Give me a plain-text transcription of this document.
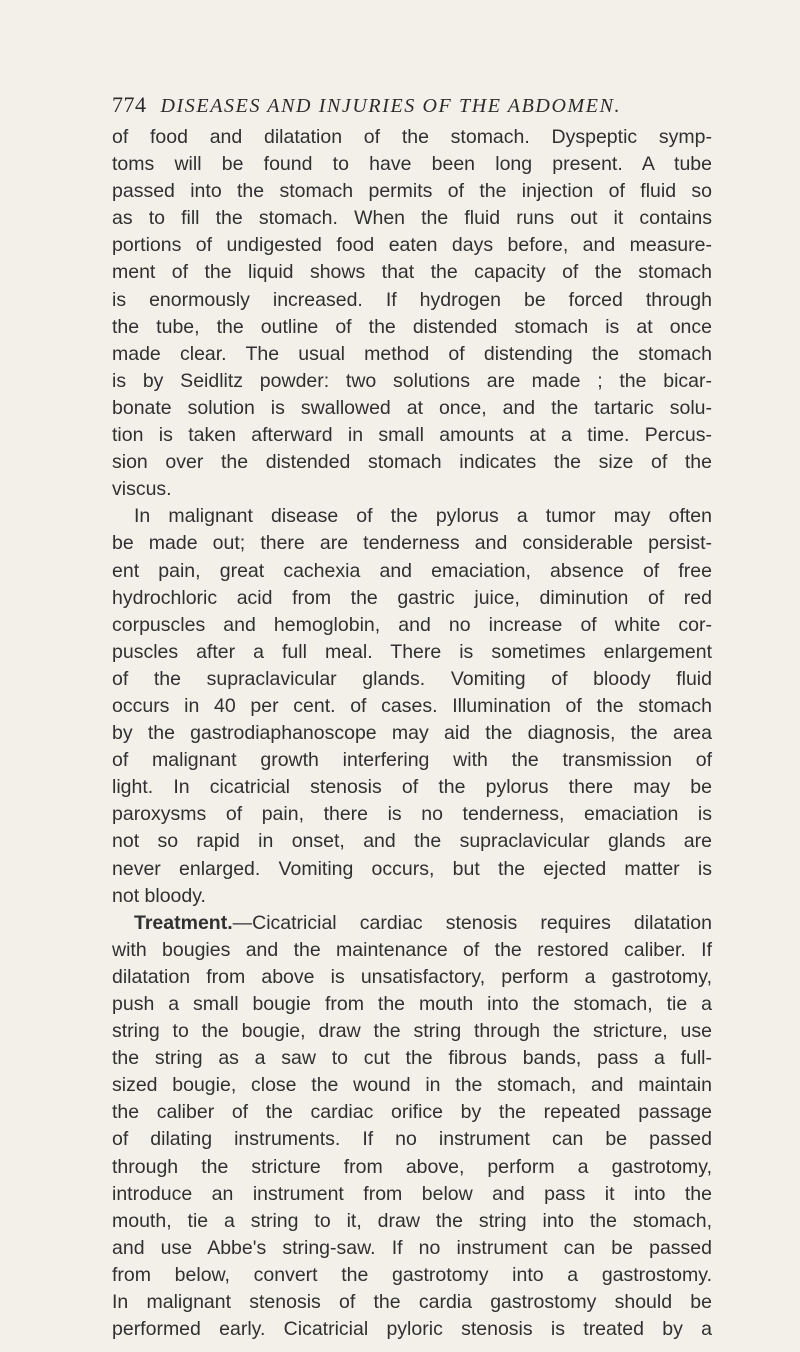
774 DISEASES AND INJURIES OF THE ABDOMEN.
of food and dilatation of the stomach. Dyspeptic symp-
toms will be found to have been long present. A tube
passed into the stomach permits of the injection of fluid so
as to fill the stomach. When the fluid runs out it contains
portions of undigested food eaten days before, and measure-
ment of the liquid shows that the capacity of the stomach
is enormously increased. If hydrogen be forced through
the tube, the outline of the distended stomach is at once
made clear. The usual method of distending the stomach
is by Seidlitz powder: two solutions are made ; the bicar-
bonate solution is swallowed at once, and the tartaric solu-
tion is taken afterward in small amounts at a time. Percus-
sion over the distended stomach indicates the size of the
viscus.
In malignant disease of the pylorus a tumor may often
be made out; there are tenderness and considerable persist-
ent pain, great cachexia and emaciation, absence of free
hydrochloric acid from the gastric juice, diminution of red
corpuscles and hemoglobin, and no increase of white cor-
puscles after a full meal. There is sometimes enlargement
of the supraclavicular glands. Vomiting of bloody fluid
occurs in 40 per cent. of cases. Illumination of the stomach
by the gastrodiaphanoscope may aid the diagnosis, the area
of malignant growth interfering with the transmission of
light. In cicatricial stenosis of the pylorus there may be
paroxysms of pain, there is no tenderness, emaciation is
not so rapid in onset, and the supraclavicular glands are
never enlarged. Vomiting occurs, but the ejected matter is
not bloody.
Treatment.—Cicatricial cardiac stenosis requires dilatation
with bougies and the maintenance of the restored caliber. If
dilatation from above is unsatisfactory, perform a gastrotomy,
push a small bougie from the mouth into the stomach, tie a
string to the bougie, draw the string through the stricture, use
the string as a saw to cut the fibrous bands, pass a full-
sized bougie, close the wound in the stomach, and maintain
the caliber of the cardiac orifice by the repeated passage
of dilating instruments. If no instrument can be passed
through the stricture from above, perform a gastrotomy,
introduce an instrument from below and pass it into the
mouth, tie a string to it, draw the string into the stomach,
and use Abbe's string-saw. If no instrument can be passed
from below, convert the gastrotomy into a gastrostomy.
In malignant stenosis of the cardia gastrostomy should be
performed early. Cicatricial pyloric stenosis is treated by a
